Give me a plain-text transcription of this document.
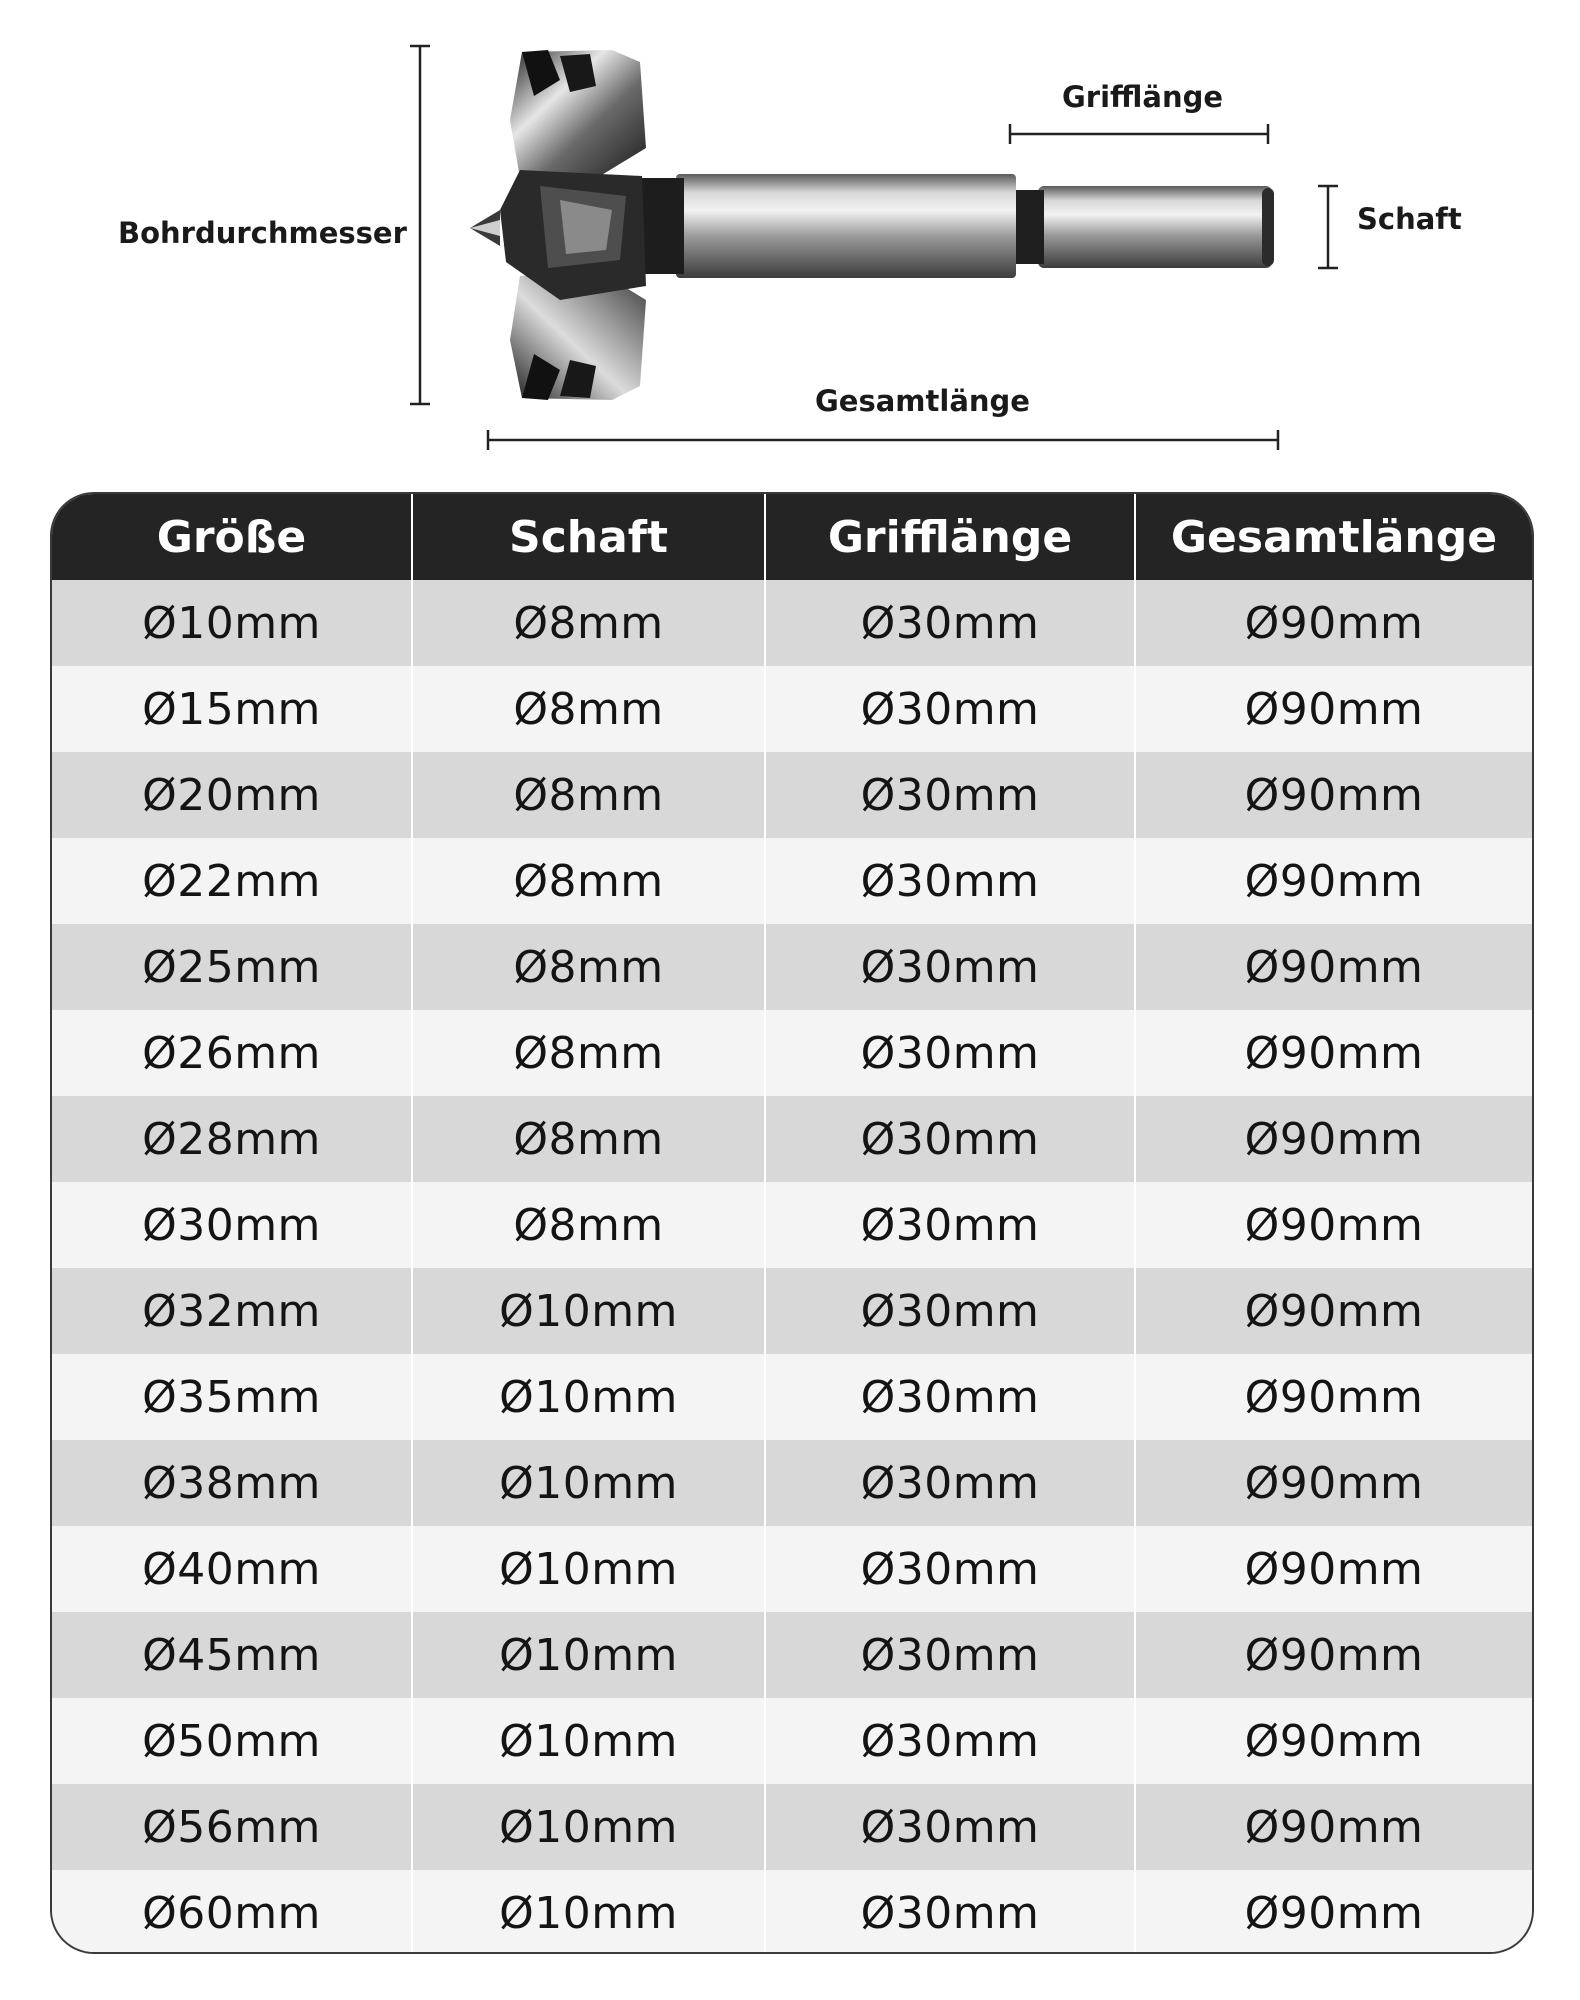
Bohrdurchmesser
Grifflänge
Schaft
Gesamtlänge
Größe	Schaft	Grifflänge	Gesamtlänge
Ø10mm	Ø8mm	Ø30mm	Ø90mm
Ø15mm	Ø8mm	Ø30mm	Ø90mm
Ø20mm	Ø8mm	Ø30mm	Ø90mm
Ø22mm	Ø8mm	Ø30mm	Ø90mm
Ø25mm	Ø8mm	Ø30mm	Ø90mm
Ø26mm	Ø8mm	Ø30mm	Ø90mm
Ø28mm	Ø8mm	Ø30mm	Ø90mm
Ø30mm	Ø8mm	Ø30mm	Ø90mm
Ø32mm	Ø10mm	Ø30mm	Ø90mm
Ø35mm	Ø10mm	Ø30mm	Ø90mm
Ø38mm	Ø10mm	Ø30mm	Ø90mm
Ø40mm	Ø10mm	Ø30mm	Ø90mm
Ø45mm	Ø10mm	Ø30mm	Ø90mm
Ø50mm	Ø10mm	Ø30mm	Ø90mm
Ø56mm	Ø10mm	Ø30mm	Ø90mm
Ø60mm	Ø10mm	Ø30mm	Ø90mm
